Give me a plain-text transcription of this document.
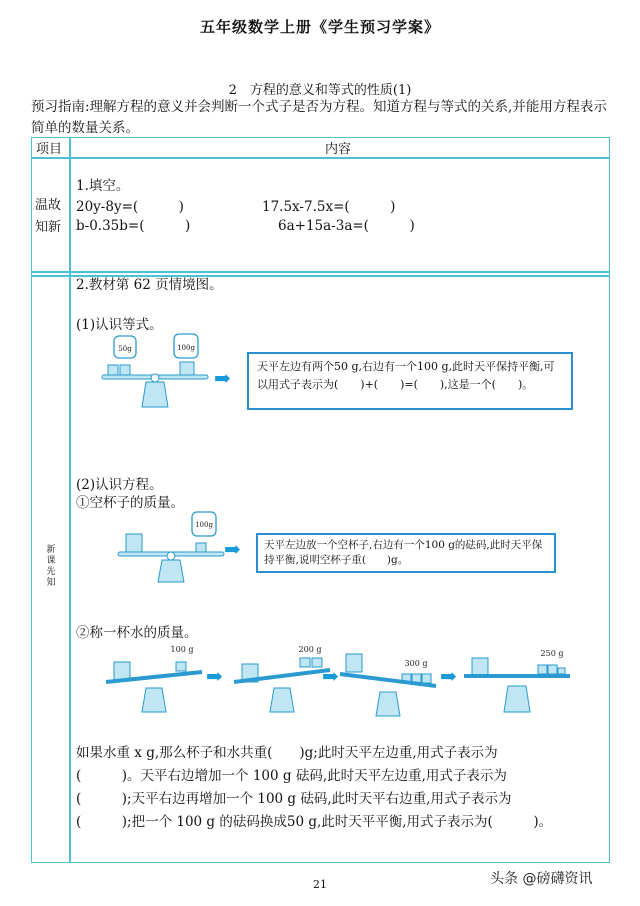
五年级数学上册《学生预习学案》
2　方程的意义和等式的性质(1)
预习指南:理解方程的意义并会判断一个式子是否为方程。知道方程与等式的关系,并能用方程表示简单的数量关系。
项目	内容
温故
知新
1.填空。
20y-8y=(　　　)	17.5x-7.5x=(　　　)
b-0.35b=(　　　)	6a+15a-3a=(　　　)
新课先知
2.教材第 62 页情境图。
(1)认识等式。
50g	100g
➡	天平左边有两个50 g,右边有一个100 g,此时天平保持平衡,可以用式子表示为(　　)+(　　)=(　　),这是一个(　　)。
(2)认识方程。
①空杯子的质量。
100g
➡	天平左边放一个空杯子,右边有一个100 g的砝码,此时天平保持平衡,说明空杯子重(　　)g。
②称一杯水的质量。
100 g
➡
200 g
➡
300 g
➡
250 g
如果水重 x g,那么杯子和水共重(　　)g;此时天平左边重,用式子表示为
(　　　)。天平右边增加一个 100 g 砝码,此时天平左边重,用式子表示为
(　　　);天平右边再增加一个 100 g 砝码,此时天平右边重,用式子表示为
(　　　);把一个 100 g 的砝码换成50 g,此时天平平衡,用式子表示为(　　　)。
21	头条 @磅礴资讯
